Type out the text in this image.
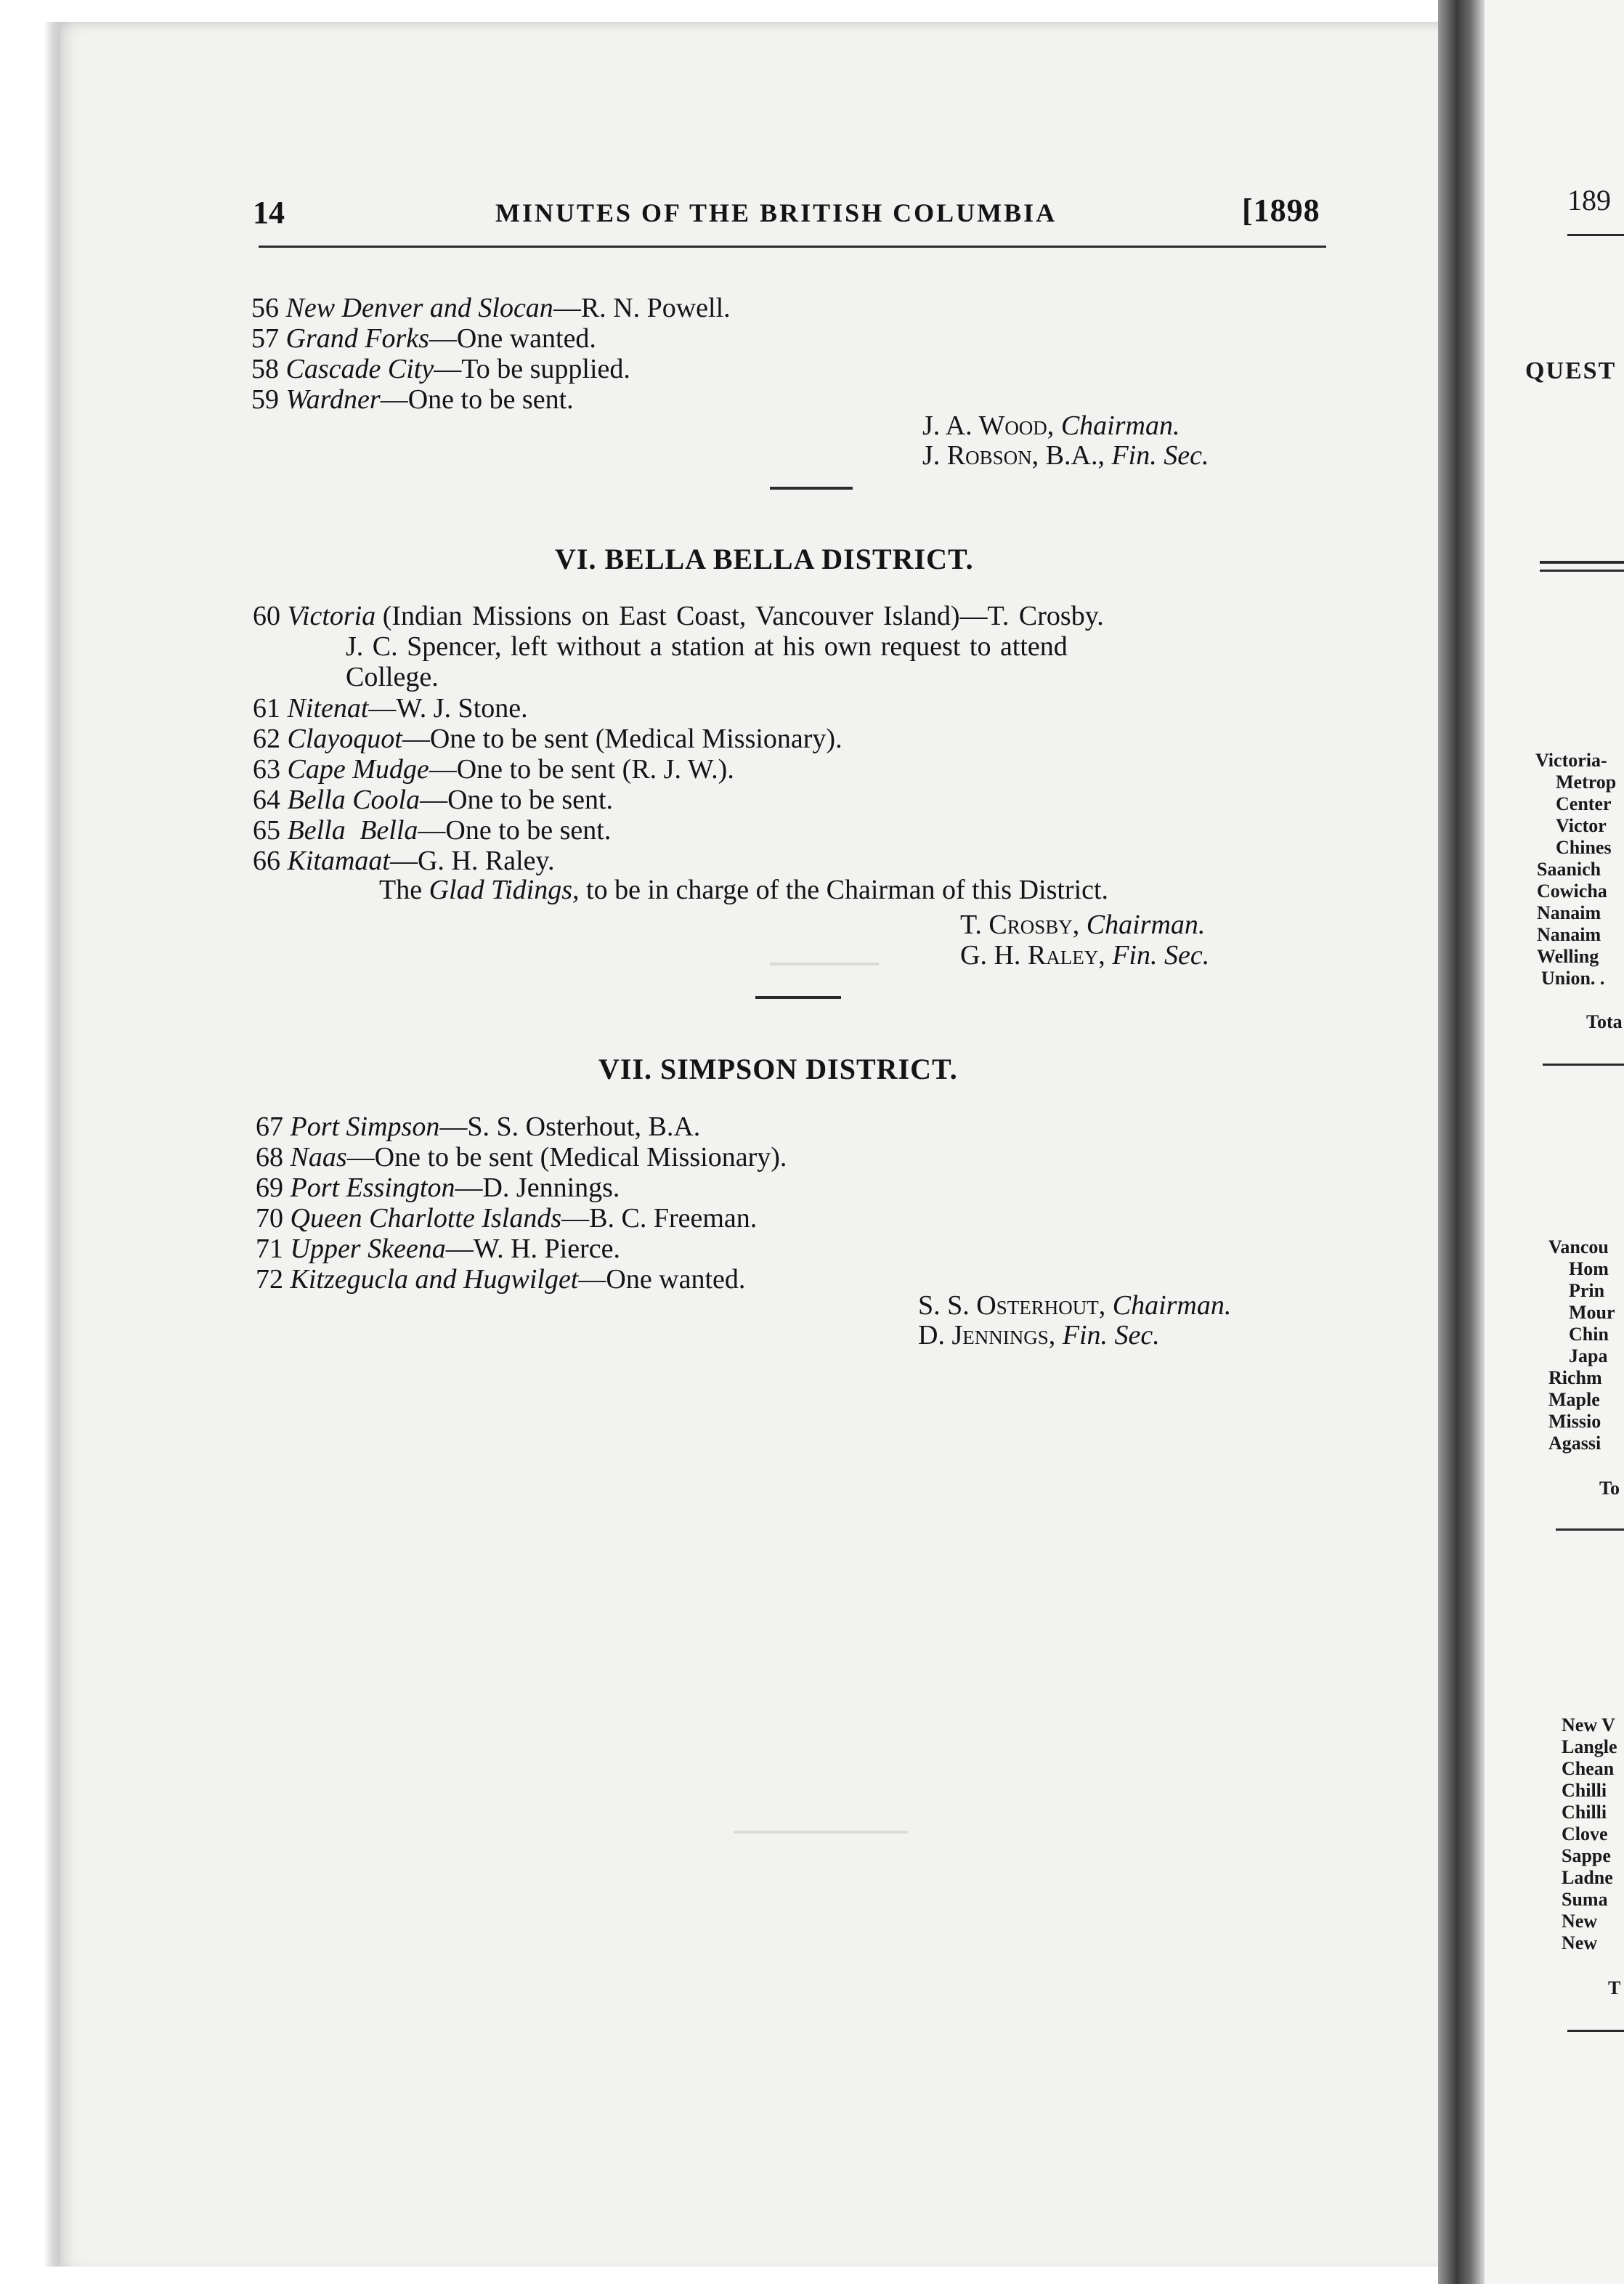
14	MINUTES OF THE BRITISH COLUMBIA	[1898
56 New Denver and Slocan—R. N. Powell.
57 Grand Forks—One wanted.
58 Cascade City—To be supplied.
59 Wardner—One to be sent.
J. A. Wood, Chairman.
J. Robson, B.A., Fin. Sec.
VI. BELLA BELLA DISTRICT.
60 Victoria (Indian Missions on East Coast, Vancouver Island)—T. Crosby.
J. C. Spencer, left without a station at his own request to attend
College.
61 Nitenat—W. J. Stone.
62 Clayoquot—One to be sent (Medical Missionary).
63 Cape Mudge—One to be sent (R. J. W.).
64 Bella Coola—One to be sent.
65 Bella Bella—One to be sent.
66 Kitamaat—G. H. Raley.
The Glad Tidings, to be in charge of the Chairman of this District.
T. Crosby, Chairman.
G. H. Raley, Fin. Sec.
VII. SIMPSON DISTRICT.
67 Port Simpson—S. S. Osterhout, B.A.
68 Naas—One to be sent (Medical Missionary).
69 Port Essington—D. Jennings.
70 Queen Charlotte Islands—B. C. Freeman.
71 Upper Skeena—W. H. Pierce.
72 Kitzegucla and Hugwilget—One wanted.
S. S. Osterhout, Chairman.
D. Jennings, Fin. Sec.
189
QUEST
Victoria-
Metrop
Center
Victor
Chines
Saanich
Cowicha
Nanaim
Nanaim
Welling
Union. .
Tota
Vancou
Hom
Prin
Mour
Chin
Japa
Richm
Maple
Missio
Agassi
To
New V
Langle
Chean
Chilli
Chilli
Clove
Sappe
Ladne
Suma
New
New
T
